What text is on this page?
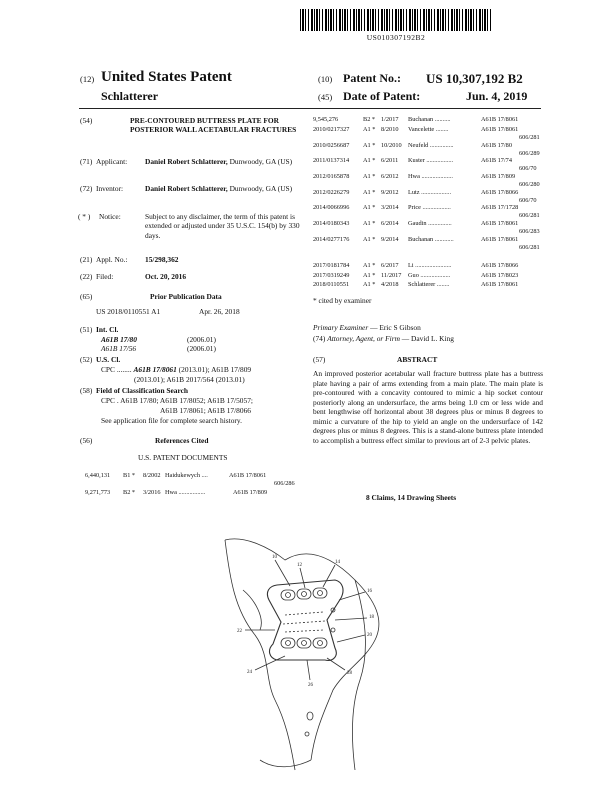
US010307192B2
(12) United States Patent
Schlatterer
(10) Patent No.: US 10,307,192 B2
(45) Date of Patent:	Jun. 4, 2019
(54)	PRE-CONTOURED BUTTRESS PLATE FOR POSTERIOR WALL ACETABULAR FRACTURES
(71) Applicant: Daniel Robert Schlatterer, Dunwoody, GA (US)
(72) Inventor:	Daniel Robert Schlatterer, Dunwoody, GA (US)
( * ) Notice:	Subject to any disclaimer, the term of this patent is extended or adjusted under 35 U.S.C. 154(b) by 330 days.
(21) Appl. No.: 15/298,362
(22) Filed:	Oct. 20, 2016
(65)	Prior Publication Data
US 2018/0110551 A1	Apr. 26, 2018
(51) Int. Cl.
A61B 17/80	(2006.01)
A61B 17/56	(2006.01)
(52) U.S. Cl.
CPC ........ A61B 17/8061 (2013.01); A61B 17/809
(2013.01); A61B 2017/564 (2013.01)
(58) Field of Classification Search
CPC . A61B 17/80; A61B 17/8052; A61B 17/5057;
A61B 17/8061; A61B 17/8066
See application file for complete search history.
(56)	References Cited
U.S. PATENT DOCUMENTS
6,440,131 B1 * 8/2002 Haidukewych ....	A61B 17/8061
606/286
9,271,773 B2 * 3/2016 Hwa .................	A61B 17/809
9,545,276	B2 * 1/2017 Buchanan ..........	A61B 17/8061
2010/0217327 A1 * 8/2010 Vancelette ........	A61B 17/8061
606/281
2010/0256687 A1 * 10/2010 Neufeld ...............	A61B 17/80
606/289
2011/0137314 A1 * 6/2011 Kuster .................	A61B 17/74
606/70
2012/0165878 A1 * 6/2012 Hwa ....................	A61B 17/809
606/280
2012/0226279 A1 * 9/2012 Lutz ...................	A61B 17/8066
606/70
2014/0066996 A1 * 3/2014 Price ..................	A61B 17/1728
606/281
2014/0180343 A1 * 6/2014 Gaudin ...............	A61B 17/8061
606/283
2014/0277176 A1 * 9/2014 Buchanan ............	A61B 17/8061
606/281
2017/0181784 A1 * 6/2017 Li .......................	A61B 17/8066
2017/0319249 A1 * 11/2017 Guo ...................	A61B 17/8023
2018/0110551 A1 * 4/2018 Schlatterer ........	A61B 17/8061
* cited by examiner
Primary Examiner — Eric S Gibson
(74) Attorney, Agent, or Firm — David L. King
(57)	ABSTRACT
An improved posterior acetabular wall fracture buttress plate has a buttress plate having a pair of arms extending from a main plate. The main plate is pre-contoured with a concavity contoured to mimic a hip socket contour posteriorly along an undersurface, the arms being 1.0 cm or less wide and bent lengthwise off horizontal about 38 degrees plus or minus 8 degrees to mimic a curvature of the hip to yield an angle on the undersurface of 142 degrees plus or minus 8 degrees. This is a stand-alone buttress plate intended to accomplish a buttress effect similar to previous art of 2-3 pelvic plates.
8 Claims, 14 Drawing Sheets
10
12
14
16
18
20
22
24
26
28
